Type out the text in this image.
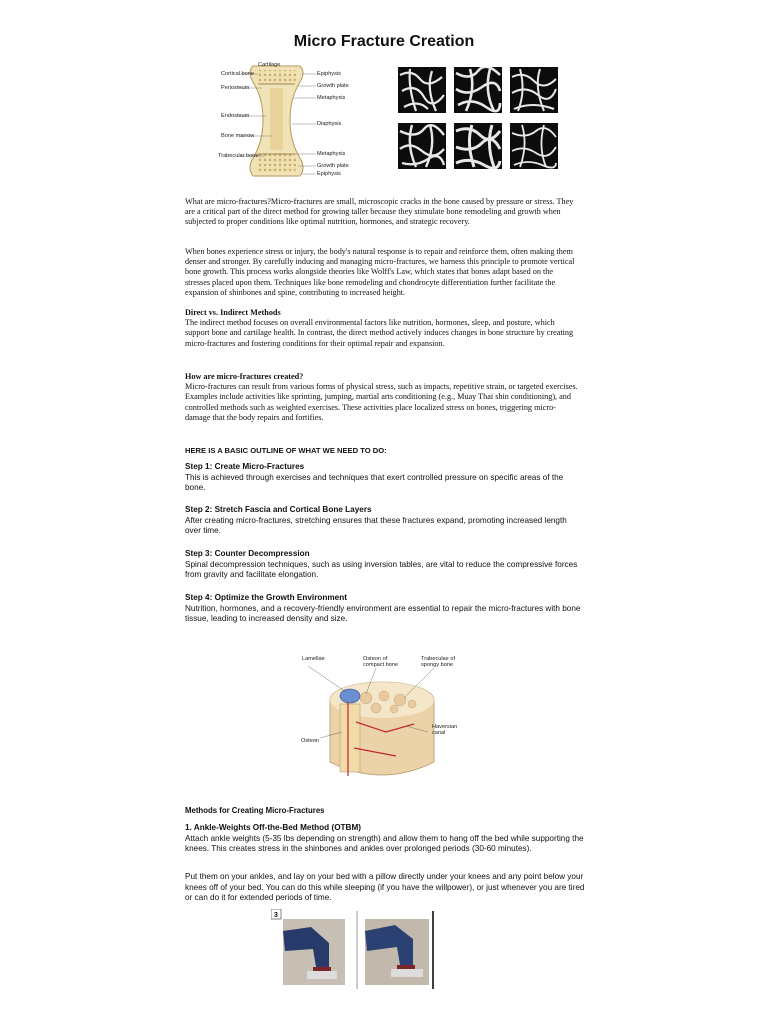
Micro Fracture Creation
Cartilage
Cortical bone
Periosteum
Endosteum
Bone marrow
Trabecular bone
Epiphysis
Growth plate
Metaphysis
Diaphysis
Metaphysis
Growth plate
Epiphysis
What are micro-fractures?Micro-fractures are small, microscopic cracks in the bone caused by pressure or stress. They are a critical part of the direct method for growing taller because they stimulate bone remodeling and growth when subjected to proper conditions like optimal nutrition, hormones, and strategic recovery.
When bones experience stress or injury, the body's natural response is to repair and reinforce them, often making them denser and stronger. By carefully inducing and managing micro-fractures, we harness this principle to promote vertical bone growth. This process works alongside theories like Wolff's Law, which states that bones adapt based on the stresses placed upon them. Techniques like bone remodeling and chondrocyte differentiation further facilitate the expansion of shinbones and spine, contributing to increased height.
Direct vs. Indirect Methods
The indirect method focuses on overall environmental factors like nutrition, hormones, sleep, and posture, which support bone and cartilage health. In contrast, the direct method actively induces changes in bone structure by creating micro-fractures and fostering conditions for their optimal repair and expansion.
How are micro-fractures created?
Micro-fractures can result from various forms of physical stress, such as impacts, repetitive strain, or targeted exercises. Examples include activities like sprinting, jumping, martial arts conditioning (e.g., Muay Thai shin conditioning), and controlled methods such as weighted exercises. These activities place localized stress on bones, triggering micro-damage that the body repairs and fortifies.
HERE IS A BASIC OUTLINE OF WHAT WE NEED TO DO:
Step 1: Create Micro-Fractures
This is achieved through exercises and techniques that exert controlled pressure on specific areas of the bone.
Step 2: Stretch Fascia and Cortical Bone Layers
After creating micro-fractures, stretching ensures that these fractures expand, promoting increased length over time.
Step 3: Counter Decompression
Spinal decompression techniques, such as using inversion tables, are vital to reduce the compressive forces from gravity and facilitate elongation.
Step 4: Optimize the Growth Environment
Nutrition, hormones, and a recovery-friendly environment are essential to repair the micro-fractures with bone tissue, leading to increased density and size.
Lamellae	Osteon of compact bone
Trabeculae of spongy bone
Haversian canal
Osteon
Methods for Creating Micro-Fractures
1. Ankle-Weights Off-the-Bed Method (OTBM)
Attach ankle weights (5-35 lbs depending on strength) and allow them to hang off the bed while supporting the knees. This creates stress in the shinbones and ankles over prolonged periods (30-60 minutes).
Put them on your ankles, and lay on your bed with a pillow directly under your knees and any point below your knees off of your bed. You can do this while sleeping (if you have the willpower), or just whenever you are tired or can do it for extended periods of time.
3
